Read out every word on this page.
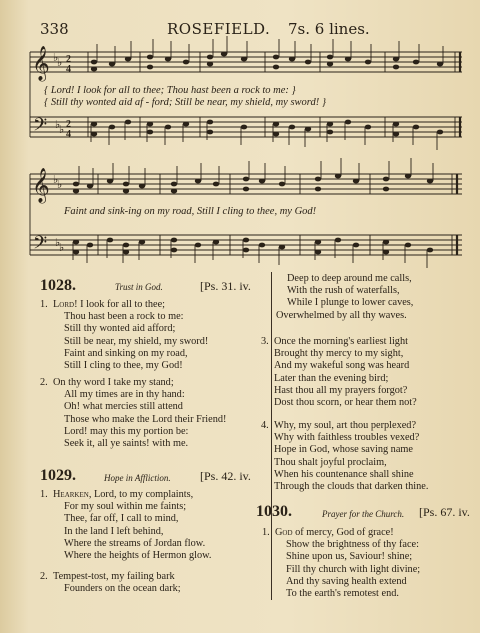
338	ROSEFIELD. 7s. 6 lines.
𝄞
𝄞
𝄢
𝄢
♭
♭
♭
♭
♭
♭
♭
♭
2
4
2
4
{ Lord! I look for all to thee; Thou hast been a rock to me: }
{ Still thy wonted aid af - ford; Still be near, my shield, my sword! }
Faint and sink-ing on my road, Still I cling to thee, my God!
1028.	Trust in God.	[Ps. 31. iv.
1. Lord! I look for all to thee;
Thou hast been a rock to me:
Still thy wonted aid afford;
Still be near, my shield, my sword!
Faint and sinking on my road,
Still I cling to thee, my God!
2. On thy word I take my stand;
All my times are in thy hand:
Oh! what mercies still attend
Those who make the Lord their Friend!
Lord! may this my portion be:
Seek it, all ye saints! with me.
Deep to deep around me calls,
With the rush of waterfalls,
While I plunge to lower caves,
Overwhelmed by all thy waves.
3. Once the morning's earliest light
Brought thy mercy to my sight,
And my wakeful song was heard
Later than the evening bird;
Hast thou all my prayers forgot?
Dost thou scorn, or hear them not?
4. Why, my soul, art thou perplexed?
Why with faithless troubles vexed?
Hope in God, whose saving name
Thou shalt joyful proclaim,
When his countenance shall shine
Through the clouds that darken thine.
1029.	Hope in Affliction. [Ps. 42. iv.
1. Hearken, Lord, to my complaints,
For my soul within me faints;
Thee, far off, I call to mind,
In the land I left behind,
Where the streams of Jordan flow.
Where the heights of Hermon glow.
2. Tempest-tost, my failing bark
Founders on the ocean dark;
1030.	Prayer for the Church. [Ps. 67. iv.
1. God of mercy, God of grace!
Show the brightness of thy face:
Shine upon us, Saviour! shine;
Fill thy church with light divine;
And thy saving health extend
To the earth's remotest end.
